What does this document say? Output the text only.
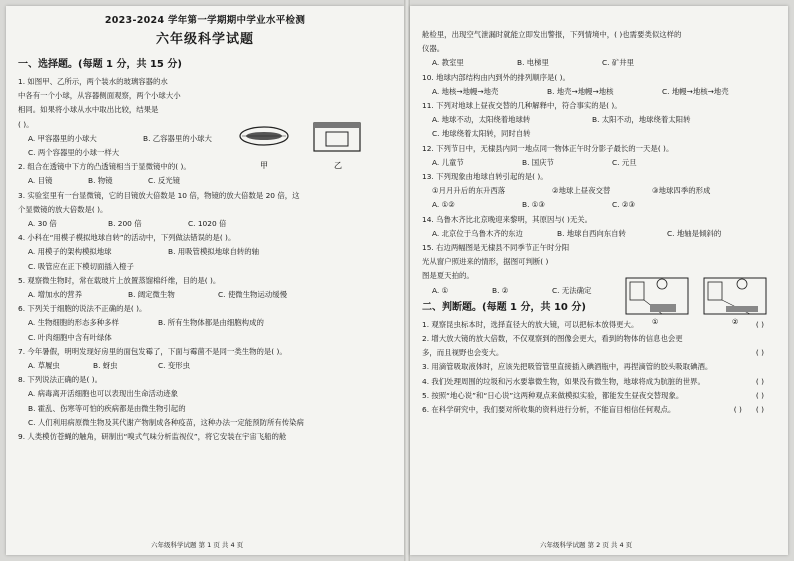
2023-2024 学年第一学期期中学业水平检测
六年级科学试题
甲	乙
一、选择题。(每题 1 分，共 15 分)
1. 如图甲、乙所示，两个装水的玻璃容器的水
中各有一个小球，从容器侧面观察，两个小球大小
相同。如果将小球从水中取出比较，结果是
( )。
A. 甲容器里的小球大	B. 乙容器里的小球大
C. 两个容器里的小球一样大
2. 组合在透镜中下方的凸透镜相当于显微镜中的( )。
A. 目镜	B. 物镜	C. 反光镜
3. 实验室里有一台显微镜，它的目镜放大倍数是 10 倍，物镜的放大倍数是 20 倍，这
个显微镜的放大倍数是( )。
A. 30 倍	B. 200 倍	C. 1020 倍
4. 小科在“用模子模拟地球自转”的活动中，下列做法错误的是( )。
A. 用模子的架构模拟地球	B. 用吸管模拟地球自转的轴
C. 吸管应在正下模切面插入橙子
5. 观察微生物时，常在载玻片上放置蒸馏棉纤维，目的是( )。
A. 增加水的营养	B. 阔定微生物	C. 使微生物运动缓慢
6. 下列关于细胞的说法不正确的是( )。
A. 生物细胞的形态多种多样	B. 所有生物体都是由细胞构成的
C. 叶肉细胞中含有叶绿体
7. 今年暑假，明明发现好房里的面包发霉了，下面与霉菌不是同一类生物的是( )。
A. 草履虫	B. 蚜虫	C. 变形虫
8. 下列说法正确的是( )。
A. 病毒离开活细胞也可以表现出生命活动迹象
B. 霍乱、伤寒等可怕的疾病都是由微生物引起的
C. 人们利用病原微生物及其代谢产物制成各种疫苗，这种办法一定能预防所有传染病
9. 人类模仿苍蝇的触角，研制出“嗅式气味分析监视仪”，将它安装在宇宙飞船的舱
六年级科学试题 第 1 页 共 4 页
①	②
舱检里，出现空气泄漏时就能立即发出警报，下列情境中，( )也需要类似这样的
仪器。
A. 教室里	B. 电梯里	C. 矿井里
10. 地球内部结构由内到外的排列顺序是( )。
A. 地核→地幔→地壳	B. 地壳→地幔→地核	C. 地幔→地核→地壳
11. 下列对地球上昼夜交替的几种解释中，符合事实的是( )。
A. 地球不动，太阳绕着地球转	B. 太阳不动，地球绕着太阳转
C. 地球绕着太阳转，同时自转
12. 下列节日中，无棣县内同一地点同一物体正午时分影子最长的一天是( )。
A. 儿童节	B. 国庆节	C. 元旦
13. 下列现象由地球自转引起的是( )。
①月月升后的东升西落	②地球上昼夜交替	③地球四季的形成
A. ①②	B. ①③	C. ②③
14. 乌鲁木齐比北京晚迎来黎明，其原因与( )无关。
A. 北京位于乌鲁木齐的东边	B. 地球自西向东自转	C. 地轴是倾斜的
15. 右边两幅图是无棣县不同季节正午时分阳
光从窗户照进来的情形，据图可判断( )
图是夏天拍的。
A. ①	B. ②	C. 无法确定
二、判断题。(每题 1 分，共 10 分)
1. 观察昆虫标本时，选择直径大的放大镜，可以把标本放得更大。	( )
2. 增大放大镜的放大倍数，不仅观察到的图像会更大，看到的物体的信息也会更
多，而且视野也会变大。	( )
3. 用滴管吸取液体时，应该先把吸管管里直接插入碘酒瓶中，再捏滴管的胶头吸取碘酒。
( )
4. 我们处理周围的垃圾和污水要靠微生物，如果没有微生物，地球将成为肮脏的世界。
( )
5. 按照“地心说”和“日心说”这两种观点来做模拟实验，都能发生昼夜交替现象。
( )
6. 在科学研究中，我们要对所收集的资料进行分析，不能盲目相信任何观点。	( )
六年级科学试题 第 2 页 共 4 页
